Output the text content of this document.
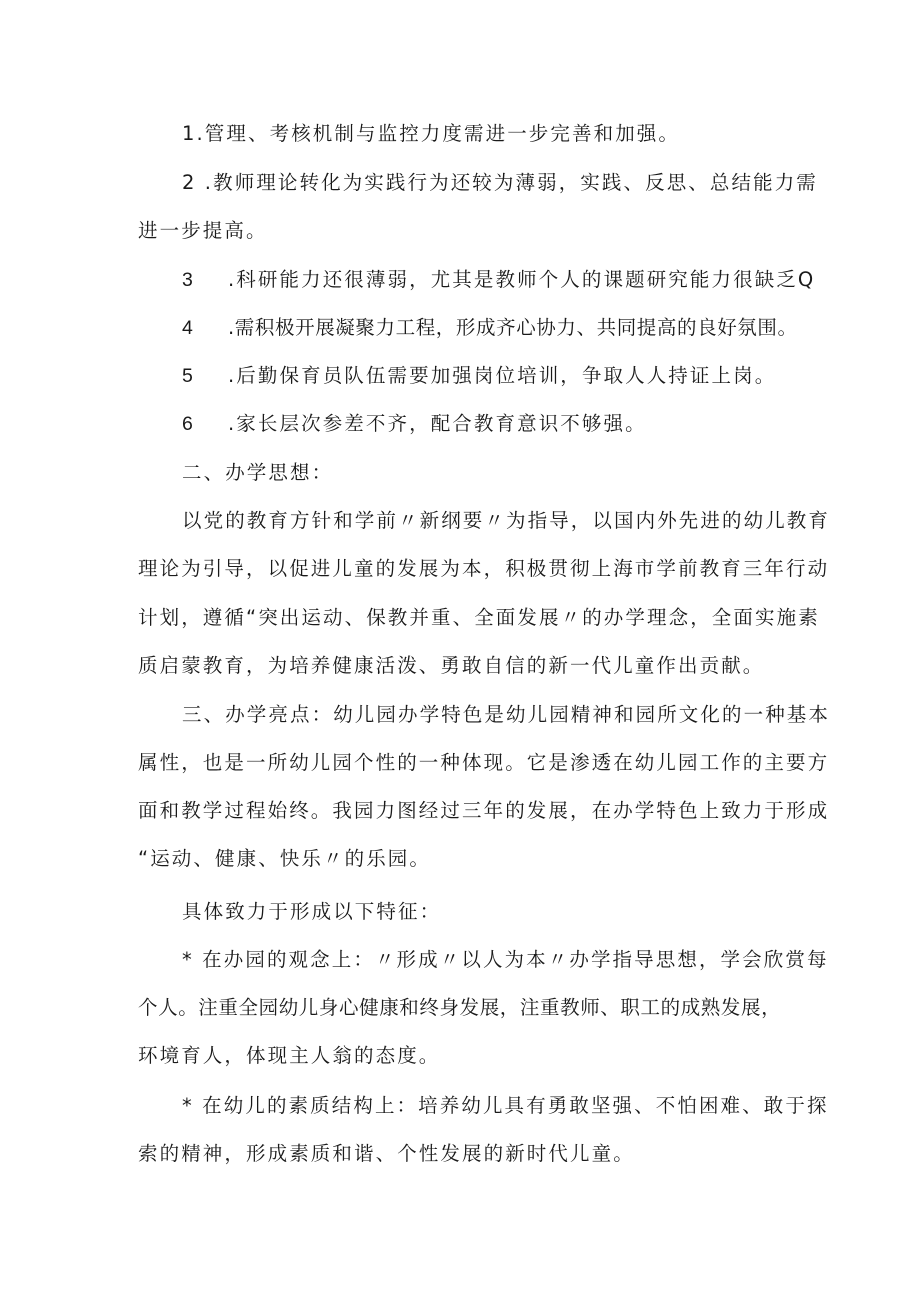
1.管理、考核机制与监控力度需进一步完善和加强。
2 .教师理论转化为实践行为还较为薄弱，实践、反思、总结能力需
进一步提高。
3 .科研能力还很薄弱，尤其是教师个人的课题研究能力很缺乏Q
4 .需积极开展凝聚力工程，形成齐心协力、共同提高的良好氛围。
5 .后勤保育员队伍需要加强岗位培训，争取人人持证上岗。
6 .家长层次参差不齐，配合教育意识不够强。
二、办学思想：
以党的教育方针和学前〃新纲要〃为指导，以国内外先进的幼儿教育
理论为引导，以促进儿童的发展为本，积极贯彻上海市学前教育三年行动
计划，遵循“突出运动、保教并重、全面发展〃的办学理念，全面实施素
质启蒙教育，为培养健康活泼、勇敢自信的新一代儿童作出贡献。
三、办学亮点：幼儿园办学特色是幼儿园精神和园所文化的一种基本
属性，也是一所幼儿园个性的一种体现。它是渗透在幼儿园工作的主要方
面和教学过程始终。我园力图经过三年的发展，在办学特色上致力于形成
“运动、健康、快乐〃的乐园。
具体致力于形成以下特征：
* 在办园的观念上：〃形成〃以人为本〃办学指导思想，学会欣赏每
个人。注重全园幼儿身心健康和终身发展，注重教师、职工的成熟发展，
环境育人，体现主人翁的态度。
* 在幼儿的素质结构上：培养幼儿具有勇敢坚强、不怕困难、敢于探
索的精神，形成素质和谐、个性发展的新时代儿童。
